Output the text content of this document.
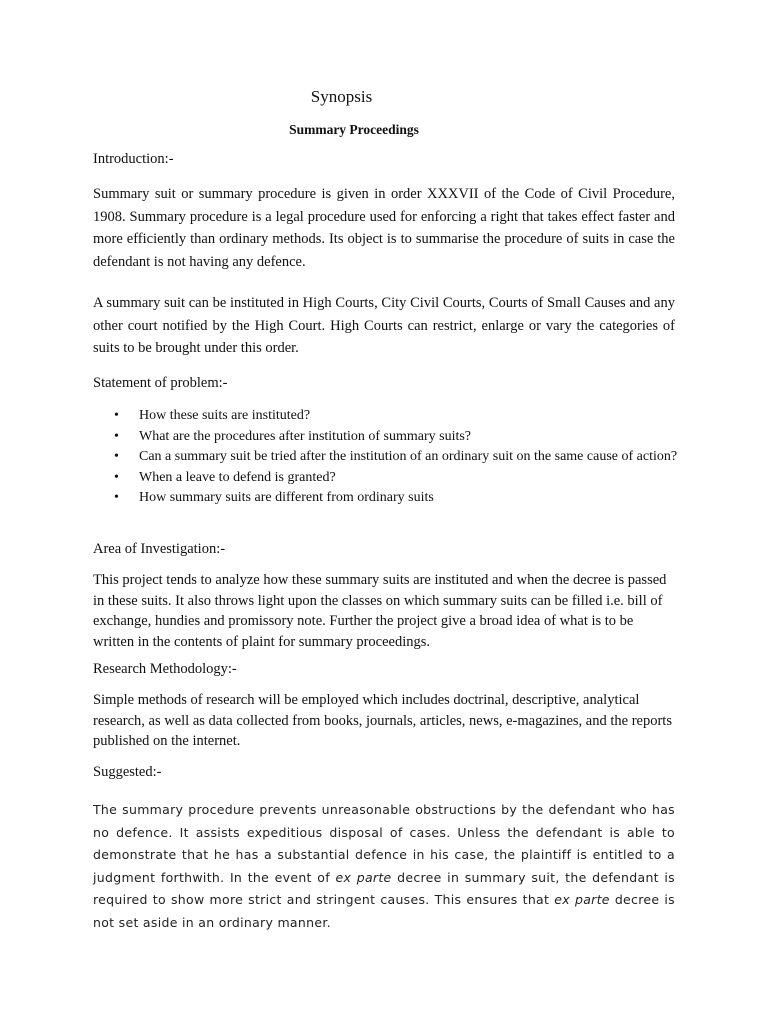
Synopsis
Summary Proceedings
Introduction:-

Summary suit or summary procedure is given in order XXXVII of the Code of Civil Procedure, 1908. Summary procedure is a legal procedure used for enforcing a right that takes effect faster and more efficiently than ordinary methods. Its object is to summarise the procedure of suits in case the defendant is not having any defence.

A summary suit can be instituted in High Courts, City Civil Courts, Courts of Small Causes and any other court notified by the High Court. High Courts can restrict, enlarge or vary the categories of suits to be brought under this order.

Statement of problem:-
• How these suits are instituted?
• What are the procedures after institution of summary suits?
• Can a summary suit be tried after the institution of an ordinary suit on the same cause of action?
• When a leave to defend is granted?
• How summary suits are different from ordinary suits
Area of Investigation:-

This project tends to analyze how these summary suits are instituted and when the decree is passed in these suits. It also throws light upon the classes on which summary suits can be filled i.e. bill of exchange, hundies and promissory note. Further the project give a broad idea of what is to be written in the contents of plaint for summary proceedings.

Research Methodology:-

Simple methods of research will be employed which includes doctrinal, descriptive, analytical research, as well as data collected from books, journals, articles, news, e-magazines, and the reports published on the internet.

Suggested:-

The summary procedure prevents unreasonable obstructions by the defendant who has no defence. It assists expeditious disposal of cases. Unless the defendant is able to demonstrate that he has a substantial defence in his case, the plaintiff is entitled to a judgment forthwith. In the event of ex parte decree in summary suit, the defendant is required to show more strict and stringent causes. This ensures that ex parte decree is not set aside in an ordinary manner.
